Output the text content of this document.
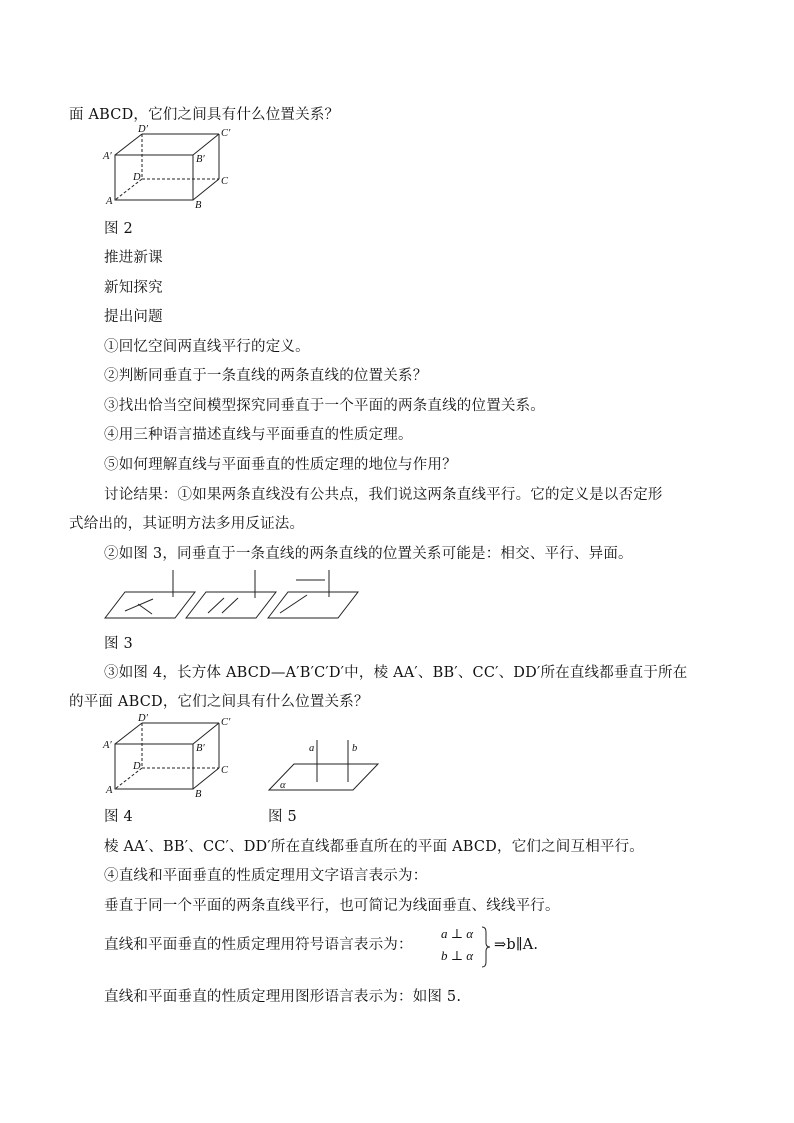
面 ABCD，它们之间具有什么位置关系？
D′	C′
A′	B′
D	C
A	B
图 2
推进新课
新知探究
提出问题
①回忆空间两直线平行的定义。
②判断同垂直于一条直线的两条直线的位置关系？
③找出恰当空间模型探究同垂直于一个平面的两条直线的位置关系。
④用三种语言描述直线与平面垂直的性质定理。
⑤如何理解直线与平面垂直的性质定理的地位与作用？
讨论结果：①如果两条直线没有公共点，我们说这两条直线平行。它的定义是以否定形
式给出的，其证明方法多用反证法。
②如图 3，同垂直于一条直线的两条直线的位置关系可能是：相交、平行、异面。
图 3
③如图 4，长方体 ABCD—A′B′C′D′中，棱 AA′、BB′、CC′、DD′所在直线都垂直于所在
的平面 ABCD，它们之间具有什么位置关系？
D′	C′
A′	B′
D	C
A	B
a	b
α
图 4	图 5
棱 AA′、BB′、CC′、DD′所在直线都垂直所在的平面 ABCD，它们之间互相平行。
④直线和平面垂直的性质定理用文字语言表示为：
垂直于同一个平面的两条直线平行，也可简记为线面垂直、线线平行。
直线和平面垂直的性质定理用符号语言表示为：
a ⊥ α
b ⊥ α
⇒b∥A.
直线和平面垂直的性质定理用图形语言表示为：如图 5.
